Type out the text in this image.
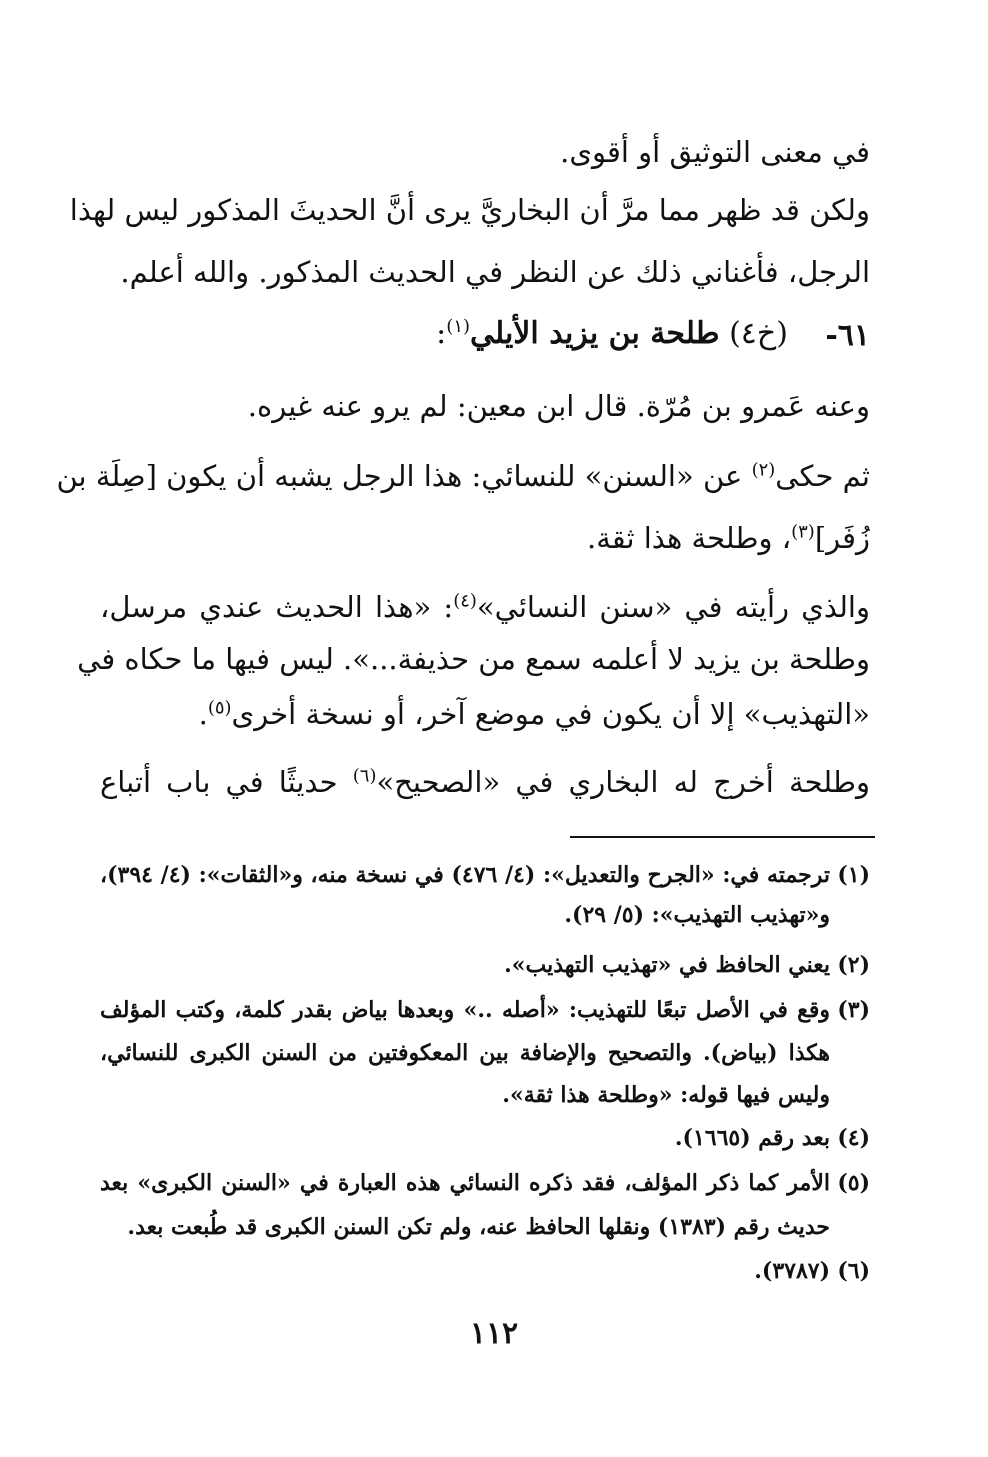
في معنى التوثيق أو أقوى.
ولكن قد ظهر مما مرَّ أن البخاريَّ يرى أنَّ الحديثَ المذكور ليس لهذا
الرجل، فأغناني ذلك عن النظر في الحديث المذكور. والله أعلم.
٦١-
(خ٤) طلحة بن يزيد الأيلي$^{(١)}$:
وعنه عَمرو بن مُرّة. قال ابن معين: لم يرو عنه غيره.
ثم حكى$^{(٢)}$ عن «السنن» للنسائي: هذا الرجل يشبه أن يكون [صِلَة بن
زُفَر]$^{(٣)}$، وطلحة هذا ثقة.
والذي رأيته في «سنن النسائي»$^{(٤)}$: «هذا الحديث عندي مرسل،
وطلحة بن يزيد لا أعلمه سمع من حذيفة...». ليس فيها ما حكاه في
«التهذيب» إلا أن يكون في موضع آخر، أو نسخة أخرى$^{(٥)}$.
وطلحة أخرج له البخاري في «الصحيح»$^{(٦)}$ حديثًا في باب أتباع
(١)
ترجمته في: «الجرح والتعديل»: (٤/ ٤٧٦) في نسخة منه، و«الثقات»: (٤/ ٣٩٤)،
و«تهذيب التهذيب»: (٥/ ٢٩).
(٢)
يعني الحافظ في «تهذيب التهذيب».
(٣)
وقع في الأصل تبعًا للتهذيب: «أصله ..» وبعدها بياض بقدر كلمة، وكتب المؤلف
هكذا (بياض). والتصحيح والإضافة بين المعكوفتين من السنن الكبرى للنسائي،
وليس فيها قوله: «وطلحة هذا ثقة».
(٤)
بعد رقم (١٦٦٥).
(٥)
الأمر كما ذكر المؤلف، فقد ذكره النسائي هذه العبارة في «السنن الكبرى» بعد
حديث رقم (١٣٨٣) ونقلها الحافظ عنه، ولم تكن السنن الكبرى قد طُبعت بعد.
(٦)
(٣٧٨٧).
١١٢
